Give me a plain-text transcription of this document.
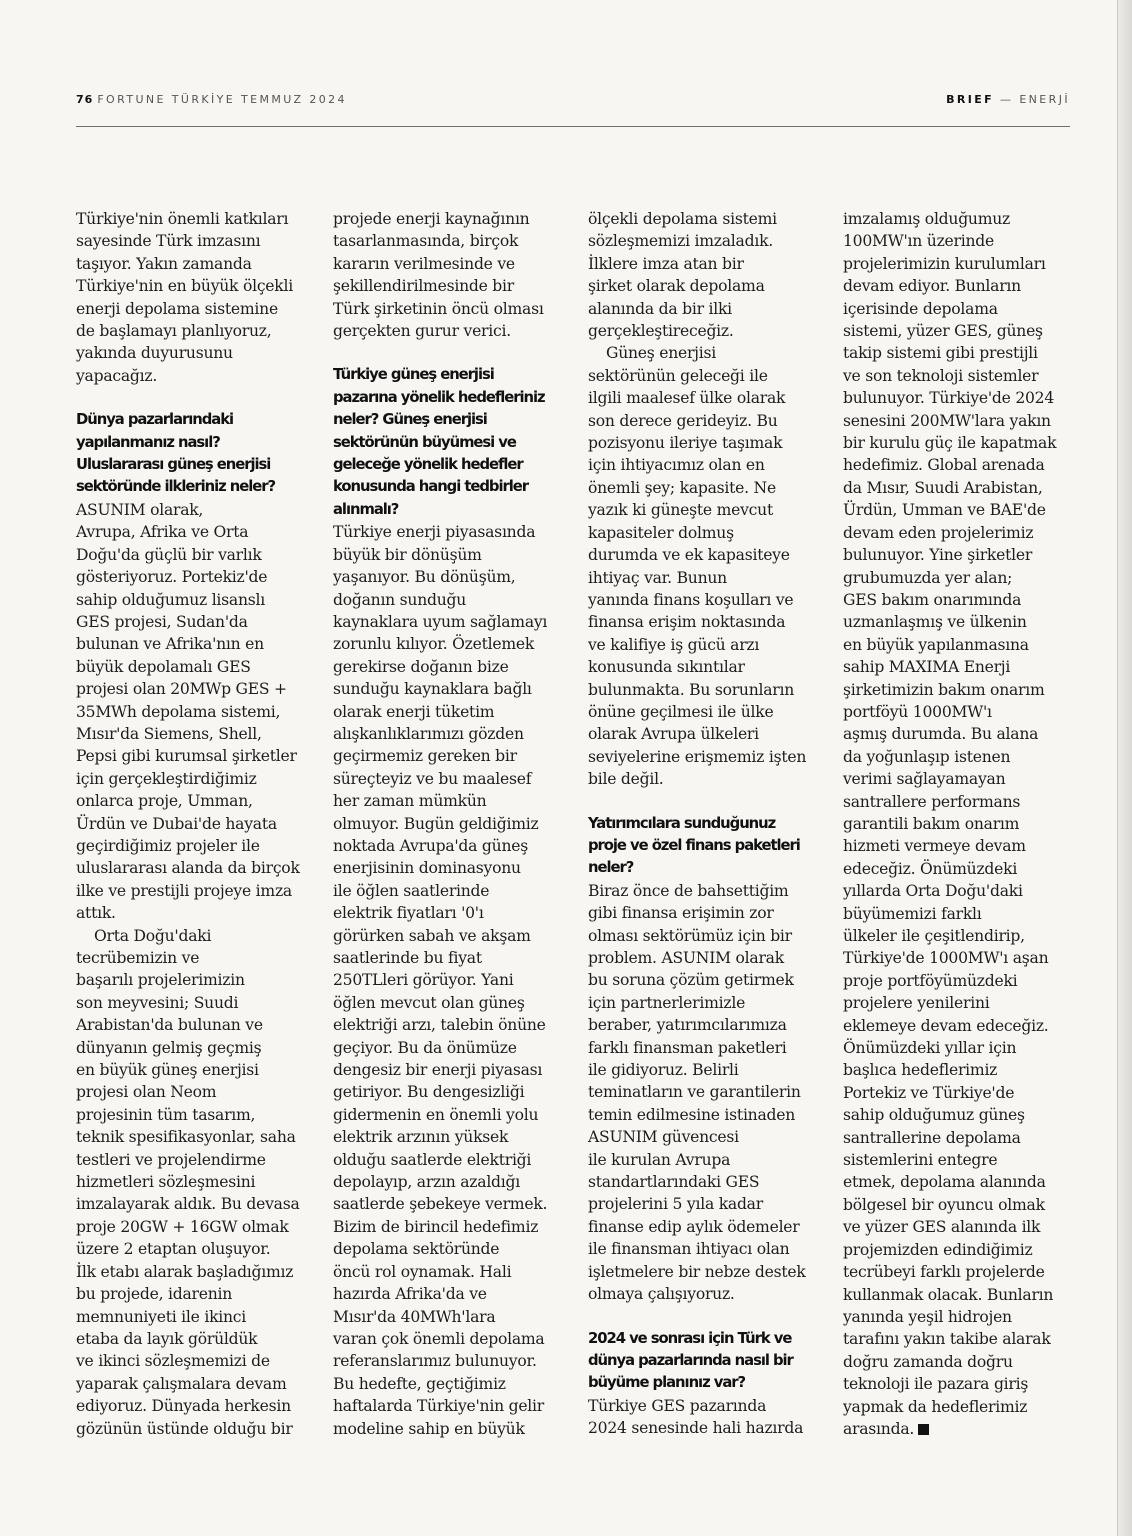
76 FORTUNE TÜRKİYE TEMMUZ 2024	BRIEF — ENERJİ

Türkiye'nin önemli katkıları
sayesinde Türk imzasını
taşıyor. Yakın zamanda
Türkiye'nin en büyük ölçekli
enerji depolama sistemine
de başlamayı planlıyoruz,
yakında duyurusunu
yapacağız.

Dünya pazarlarındaki
yapılanmanız nasıl?
Uluslararası güneş enerjisi
sektöründe ilkleriniz neler?

ASUNIM olarak,
Avrupa, Afrika ve Orta
Doğu'da güçlü bir varlık
gösteriyoruz. Portekiz'de
sahip olduğumuz lisanslı
GES projesi, Sudan'da
bulunan ve Afrika'nın en
büyük depolamalı GES
projesi olan 20MWp GES +
35MWh depolama sistemi,
Mısır'da Siemens, Shell,
Pepsi gibi kurumsal şirketler
için gerçekleştirdiğimiz
onlarca proje, Umman,
Ürdün ve Dubai'de hayata
geçirdiğimiz projeler ile
uluslararası alanda da birçok
ilke ve prestijli projeye imza
attık.

Orta Doğu'daki
tecrübemizin ve
başarılı projelerimizin
son meyvesini; Suudi
Arabistan'da bulunan ve
dünyanın gelmiş geçmiş
en büyük güneş enerjisi
projesi olan Neom
projesinin tüm tasarım,
teknik spesifikasyonlar, saha
testleri ve projelendirme
hizmetleri sözleşmesini
imzalayarak aldık. Bu devasa
proje 20GW + 16GW olmak
üzere 2 etaptan oluşuyor.
İlk etabı alarak başladığımız
bu projede, idarenin
memnuniyeti ile ikinci
etaba da layık görüldük
ve ikinci sözleşmemizi de
yaparak çalışmalara devam
ediyoruz. Dünyada herkesin
gözünün üstünde olduğu bir

projede enerji kaynağının
tasarlanmasında, birçok
kararın verilmesinde ve
şekillendirilmesinde bir
Türk şirketinin öncü olması
gerçekten gurur verici.

Türkiye güneş enerjisi
pazarına yönelik hedefleriniz
neler? Güneş enerjisi
sektörünün büyümesi ve
geleceğe yönelik hedefler
konusunda hangi tedbirler
alınmalı?

Türkiye enerji piyasasında
büyük bir dönüşüm
yaşanıyor. Bu dönüşüm,
doğanın sunduğu
kaynaklara uyum sağlamayı
zorunlu kılıyor. Özetlemek
gerekirse doğanın bize
sunduğu kaynaklara bağlı
olarak enerji tüketim
alışkanlıklarımızı gözden
geçirmemiz gereken bir
süreçteyiz ve bu maalesef
her zaman mümkün
olmuyor. Bugün geldiğimiz
noktada Avrupa'da güneş
enerjisinin dominasyonu
ile öğlen saatlerinde
elektrik fiyatları '0'ı
görürken sabah ve akşam
saatlerinde bu fiyat
250TLleri görüyor. Yani
öğlen mevcut olan güneş
elektriği arzı, talebin önüne
geçiyor. Bu da önümüze
dengesiz bir enerji piyasası
getiriyor. Bu dengesizliği
gidermenin en önemli yolu
elektrik arzının yüksek
olduğu saatlerde elektriği
depolayıp, arzın azaldığı
saatlerde şebekeye vermek.
Bizim de birincil hedefimiz
depolama sektöründe
öncü rol oynamak. Hali
hazırda Afrika'da ve
Mısır'da 40MWh'lara
varan çok önemli depolama
referanslarımız bulunuyor.
Bu hedefte, geçtiğimiz
haftalarda Türkiye'nin gelir
modeline sahip en büyük

ölçekli depolama sistemi
sözleşmemizi imzaladık.
İlklere imza atan bir
şirket olarak depolama
alanında da bir ilki
gerçekleştireceğiz.

Güneş enerjisi
sektörünün geleceği ile
ilgili maalesef ülke olarak
son derece gerideyiz. Bu
pozisyonu ileriye taşımak
için ihtiyacımız olan en
önemli şey; kapasite. Ne
yazık ki güneşte mevcut
kapasiteler dolmuş
durumda ve ek kapasiteye
ihtiyaç var. Bunun
yanında finans koşulları ve
finansa erişim noktasında
ve kalifiye iş gücü arzı
konusunda sıkıntılar
bulunmakta. Bu sorunların
önüne geçilmesi ile ülke
olarak Avrupa ülkeleri
seviyelerine erişmemiz işten
bile değil.

Yatırımcılara sunduğunuz
proje ve özel finans paketleri
neler?

Biraz önce de bahsettiğim
gibi finansa erişimin zor
olması sektörümüz için bir
problem. ASUNIM olarak
bu soruna çözüm getirmek
için partnerlerimizle
beraber, yatırımcılarımıza
farklı finansman paketleri
ile gidiyoruz. Belirli
teminatların ve garantilerin
temin edilmesine istinaden
ASUNIM güvencesi
ile kurulan Avrupa
standartlarındaki GES
projelerini 5 yıla kadar
finanse edip aylık ödemeler
ile finansman ihtiyacı olan
işletmelere bir nebze destek
olmaya çalışıyoruz.

2024 ve sonrası için Türk ve
dünya pazarlarında nasıl bir
büyüme planınız var?

Türkiye GES pazarında
2024 senesinde hali hazırda

imzalamış olduğumuz
100MW'ın üzerinde
projelerimizin kurulumları
devam ediyor. Bunların
içerisinde depolama
sistemi, yüzer GES, güneş
takip sistemi gibi prestijli
ve son teknoloji sistemler
bulunuyor. Türkiye'de 2024
senesini 200MW'lara yakın
bir kurulu güç ile kapatmak
hedefimiz. Global arenada
da Mısır, Suudi Arabistan,
Ürdün, Umman ve BAE'de
devam eden projelerimiz
bulunuyor. Yine şirketler
grubumuzda yer alan;
GES bakım onarımında
uzmanlaşmış ve ülkenin
en büyük yapılanmasına
sahip MAXIMA Enerji
şirketimizin bakım onarım
portföyü 1000MW'ı
aşmış durumda. Bu alana
da yoğunlaşıp istenen
verimi sağlayamayan
santrallere performans
garantili bakım onarım
hizmeti vermeye devam
edeceğiz. Önümüzdeki
yıllarda Orta Doğu'daki
büyümemizi farklı
ülkeler ile çeşitlendirip,
Türkiye'de 1000MW'ı aşan
proje portföyümüzdeki
projelere yenilerini
eklemeye devam edeceğiz.
Önümüzdeki yıllar için
başlıca hedeflerimiz
Portekiz ve Türkiye'de
sahip olduğumuz güneş
santrallerine depolama
sistemlerini entegre
etmek, depolama alanında
bölgesel bir oyuncu olmak
ve yüzer GES alanında ilk
projemizden edindiğimiz
tecrübeyi farklı projelerde
kullanmak olacak. Bunların
yanında yeşil hidrojen
tarafını yakın takibe alarak
doğru zamanda doğru
teknoloji ile pazara giriş
yapmak da hedeflerimiz
arasında.
